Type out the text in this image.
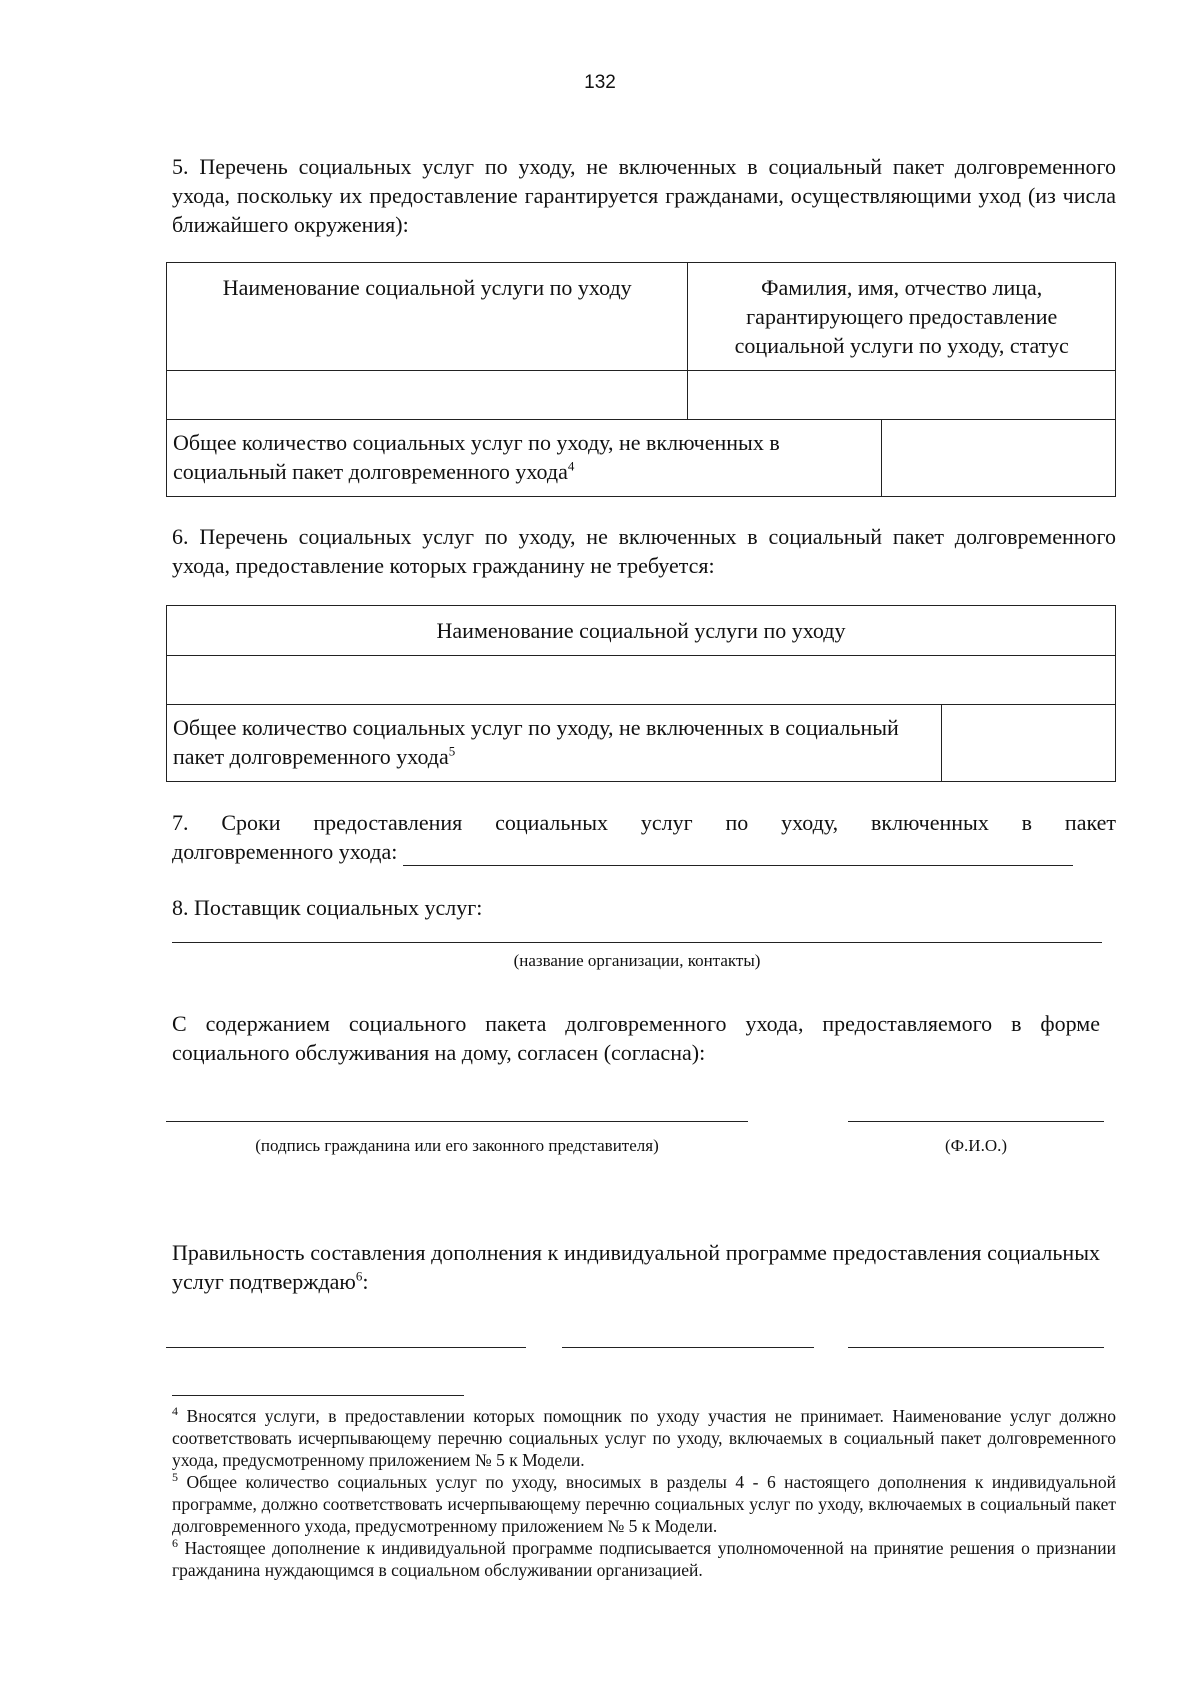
132

5. Перечень социальных услуг по уходу, не включенных в социальный пакет долговременного ухода, поскольку их предоставление гарантируется гражданами, осуществляющими уход (из числа ближайшего окружения):

Наименование социальной услуги по уходу	Фамилия, имя, отчество лица, гарантирующего предоставление социальной услуги по уходу, статус	

Общее количество социальных услуг по уходу, не включенных в социальный пакет долговременного ухода$^4$	

6. Перечень социальных услуг по уходу, не включенных в социальный пакет долговременного ухода, предоставление которых гражданину не требуется:

Наименование социальной услуги по уходу

Общее количество социальных услуг по уходу, не включенных в социальный пакет долговременного ухода$^5$	
7. Сроки предоставления социальных услуг по уходу, включенных в пакет
долговременного ухода:
8. Поставщик социальных услуг:
(название организации, контакты)

С содержанием социального пакета долговременного ухода, предоставляемого в форме социального обслуживания на дому, согласен (согласна):

(подпись гражданина или его законного представителя)	(Ф.И.О.)

Правильность составления дополнения к индивидуальной программе предоставления социальных услуг подтверждаю$^6$:

$^4$ Вносятся услуги, в предоставлении которых помощник по уходу участия не принимает. Наименование услуг должно соответствовать исчерпывающему перечню социальных услуг по уходу, включаемых в социальный пакет долговременного ухода, предусмотренному приложением № 5 к Модели.

$^5$ Общее количество социальных услуг по уходу, вносимых в разделы 4 - 6 настоящего дополнения к индивидуальной программе, должно соответствовать исчерпывающему перечню социальных услуг по уходу, включаемых в социальный пакет долговременного ухода, предусмотренному приложением № 5 к Модели.

$^6$ Настоящее дополнение к индивидуальной программе подписывается уполномоченной на принятие решения о признании гражданина нуждающимся в социальном обслуживании организацией.
